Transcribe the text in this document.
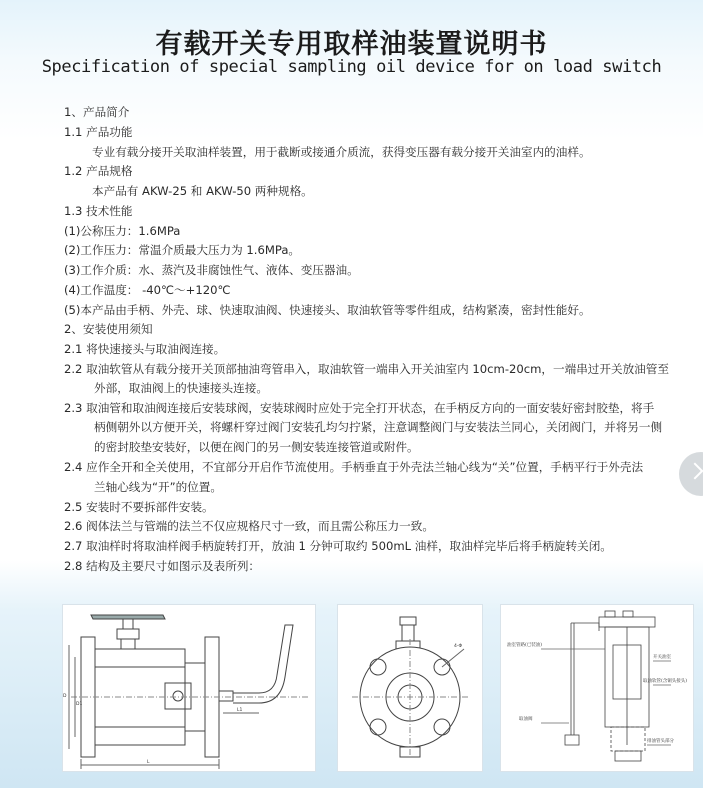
有载开关专用取样油装置说明书
Specification of special sampling oil device for on load switch
1、产品简介
1.1 产品功能
专业有载分接开关取油样装置，用于截断或接通介质流，获得变压器有载分接开关油室内的油样。
1.2 产品规格
本产品有 AKW-25 和 AKW-50 两种规格。
1.3 技术性能
(1)公称压力：1.6MPa
(2)工作压力：常温介质最大压力为 1.6MPa。
(3)工作介质：水、蒸汽及非腐蚀性气、液体、变压器油。
(4)工作温度： -40℃～+120℃
(5)本产品由手柄、外壳、球、快速取油阀、快速接头、取油软管等零件组成，结构紧凑，密封性能好。
2、安装使用须知
2.1 将快速接头与取油阀连接。
2.2 取油软管从有载分接开关顶部抽油弯管串入，取油软管一端串入开关油室内 10cm-20cm，一端串过开关放油管至
外部，取油阀上的快速接头连接。
2.3 取油管和取油阀连接后安装球阀，安装球阀时应处于完全打开状态，在手柄反方向的一面安装好密封胶垫，将手
柄侧朝外以方便开关，将螺杆穿过阀门安装孔均匀拧紧，注意调整阀门与安装法兰同心，关闭阀门，并将另一侧
的密封胶垫安装好，以便在阀门的另一侧安装连接管道或附件。
2.4 应作全开和全关使用，不宜部分开启作节流使用。手柄垂直于外壳法兰轴心线为“关”位置，手柄平行于外壳法
兰轴心线为“开”的位置。
2.5 安装时不要拆部件安装。
2.6 阀体法兰与管端的法兰不仅应规格尺寸一致，而且需公称压力一致。
2.7 取油样时将取油样阀手柄旋转打开，放油 1 分钟可取约 500mL 油样，取油样完毕后将手柄旋转关闭。
2.8 结构及主要尺寸如图示及表所列：
L
L1
D
D1
4-Φ	油室管路(已装油)
开关油室
取油软管(含铜头接头)
取油阀
排油管头部分
